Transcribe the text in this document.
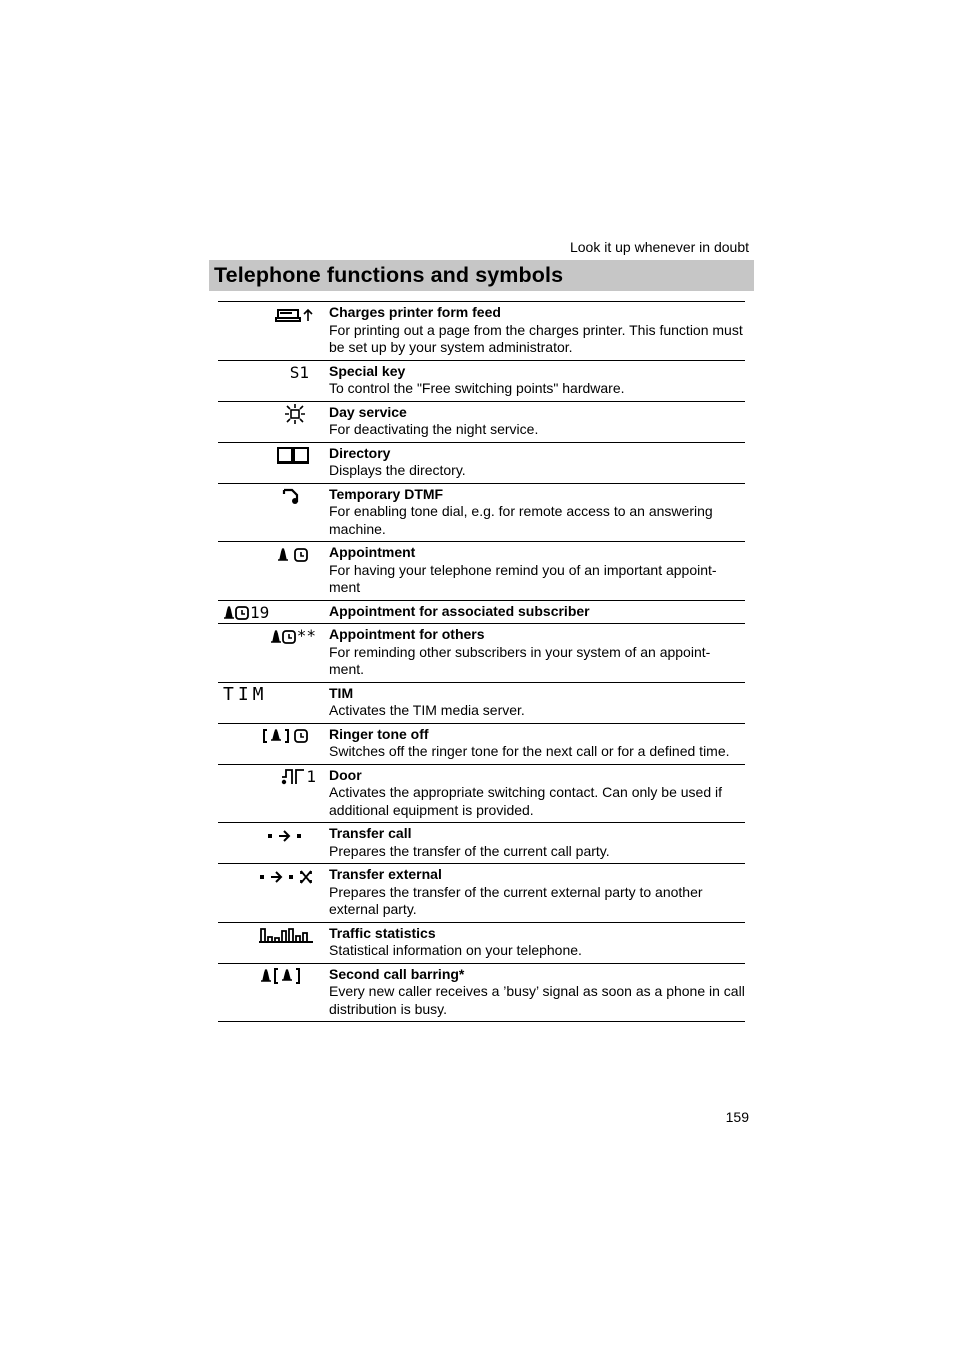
Look it up whenever in doubt
Telephone functions and symbols

Charges printer form feed
For printing out a page from the charges printer. This function must be set up by your system administrator.

S1	Special key
To control the "Free switching points" hardware.

Day service
For deactivating the night service.

Directory
Displays the directory.

Temporary DTMF
For enabling tone dial, e.g. for remote access to an answering machine.

Appointment
For having your telephone remind you of an important appoint-ment

19	Appointment for associated subscriber

**	Appointment for others
For reminding other subscribers in your system of an appoint-ment.

TIM	TIM
Activates the TIM media server.

Ringer tone off
Switches off the ringer tone for the next call or for a defined time.

1	Door
Activates the appropriate switching contact. Can only be used if additional equipment is provided.

Transfer call
Prepares the transfer of the current call party.

Transfer external
Prepares the transfer of the current external party to another external party.

Traffic statistics
Statistical information on your telephone.

Second call barring*
Every new caller receives a ’busy’ signal as soon as a phone in call distribution is busy.
159
